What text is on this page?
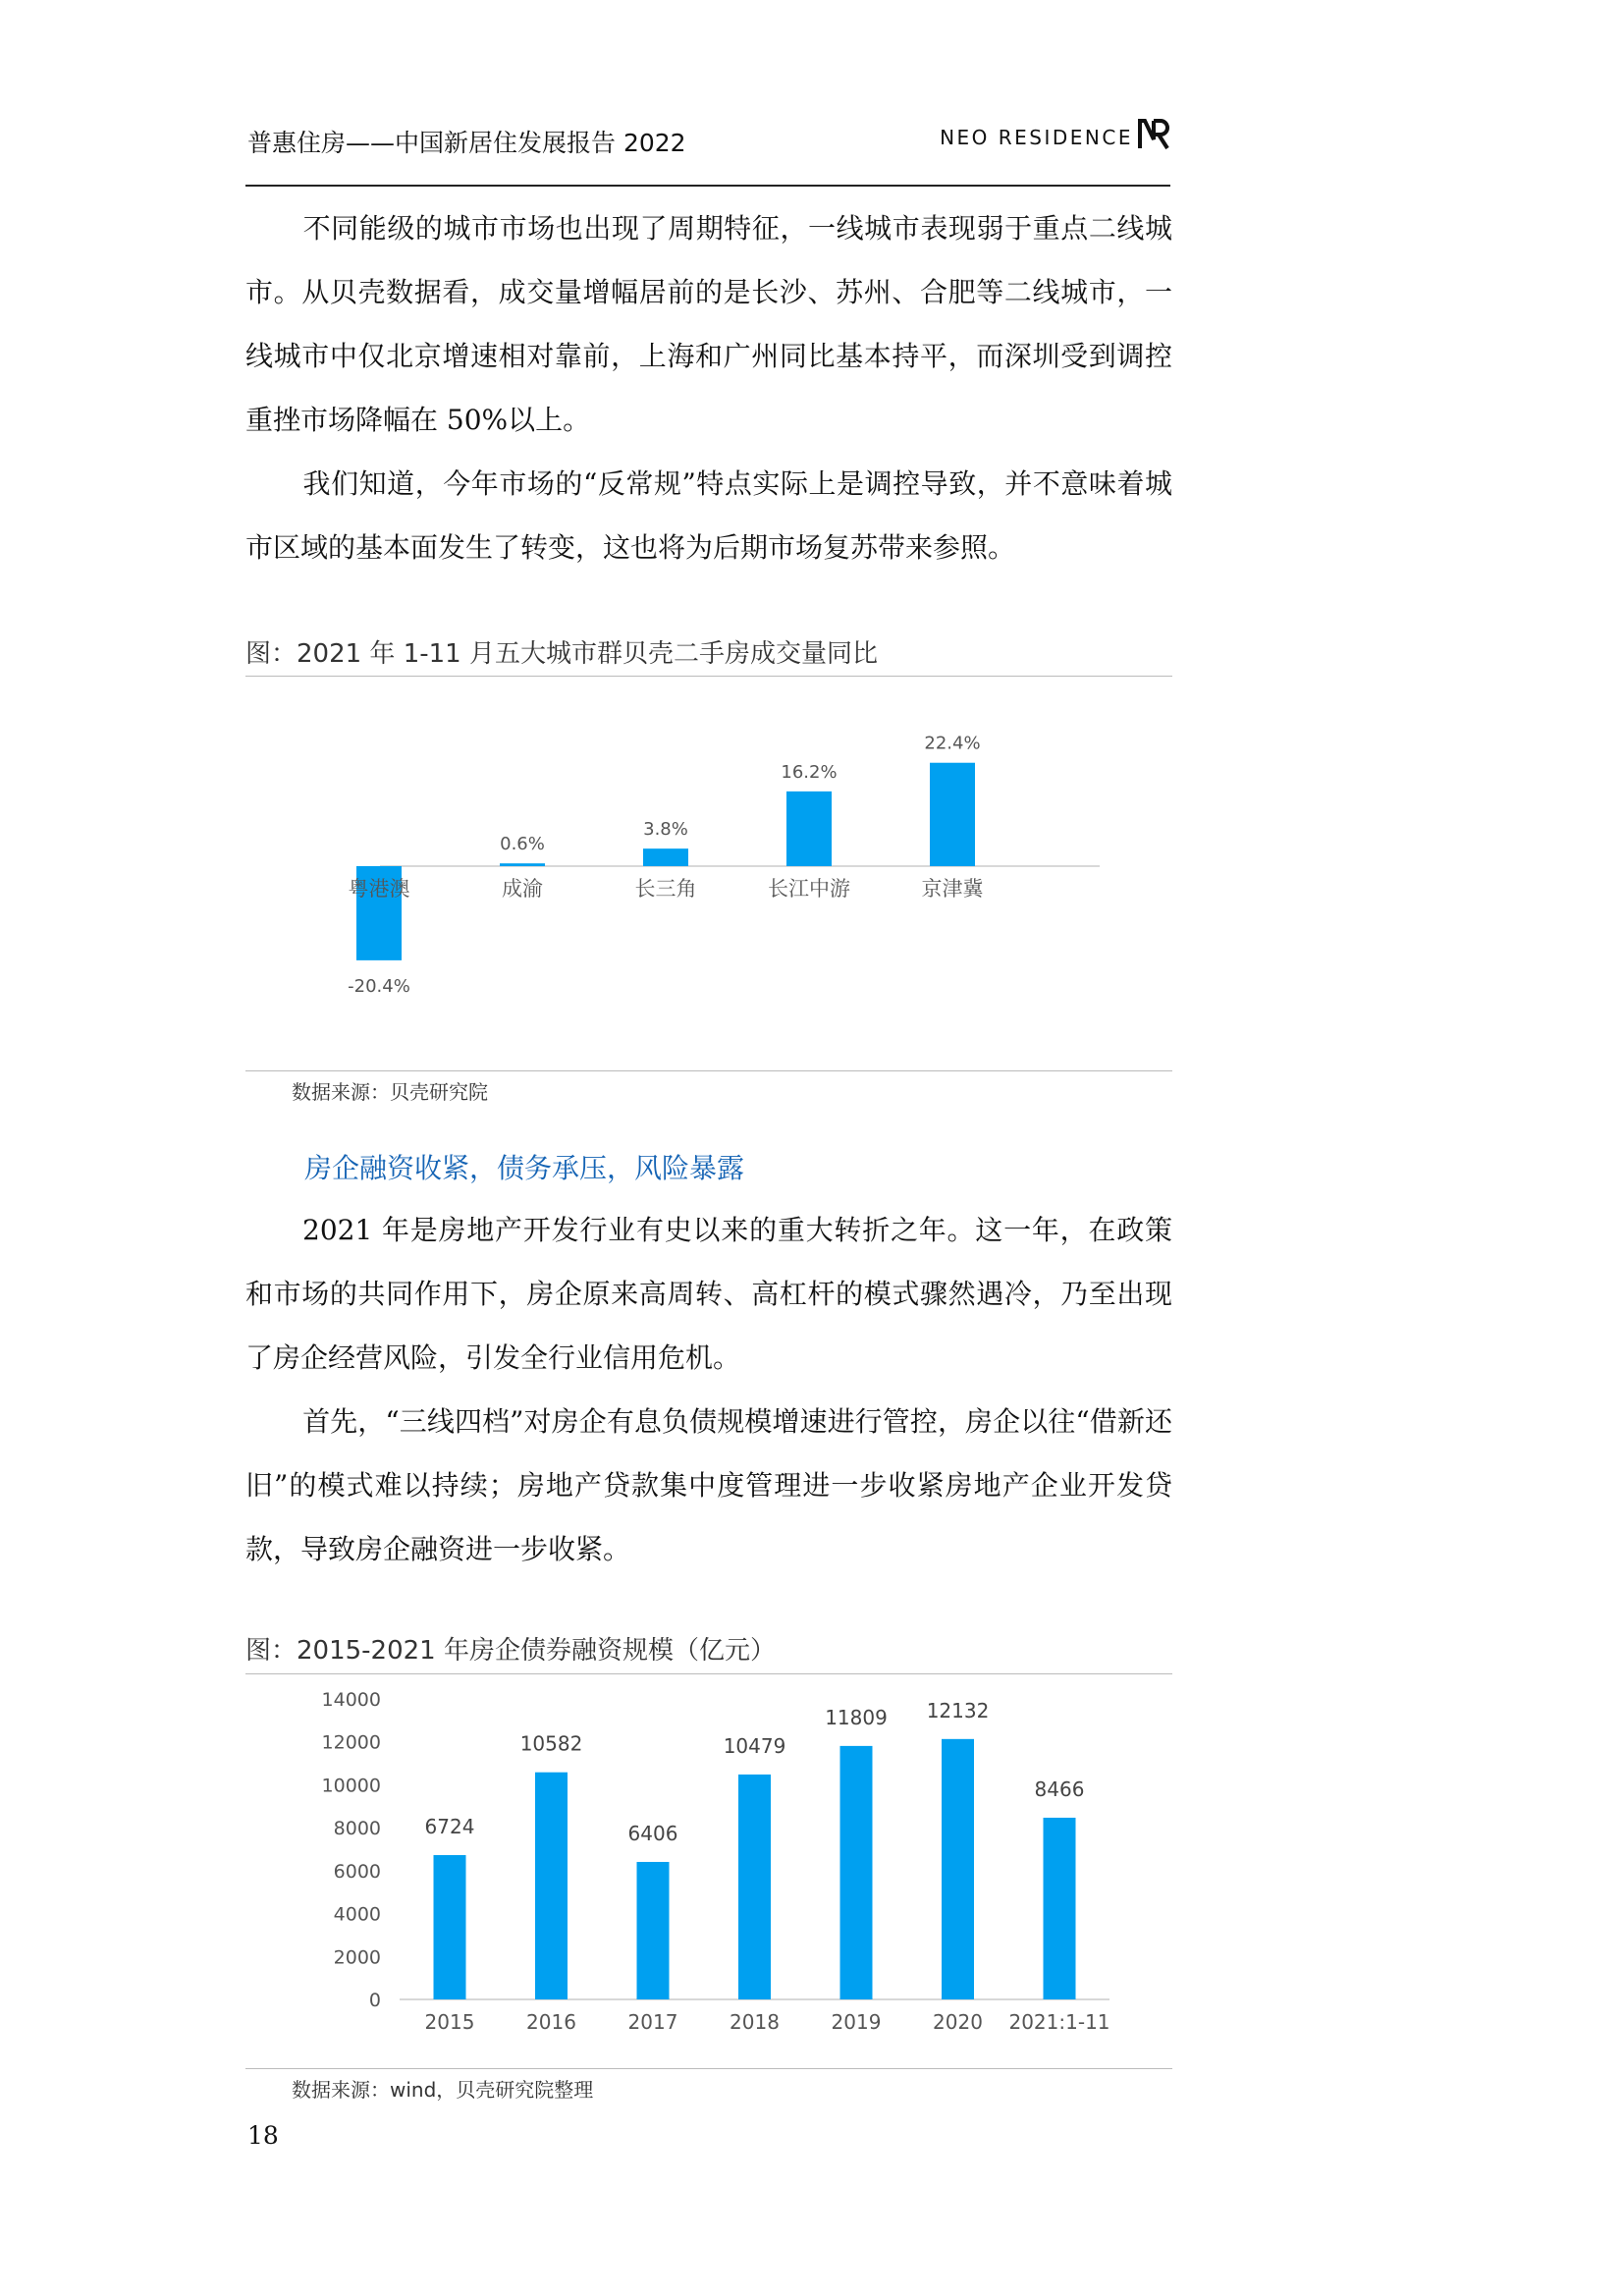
普惠住房——中国新居住发展报告 2022	NEO RESIDENCE
不同能级的城市市场也出现了周期特征，一线城市表现弱于重点二线城市。从贝壳数据看，成交量增幅居前的是长沙、苏州、合肥等二线城市，一线城市中仅北京增速相对靠前，上海和广州同比基本持平，而深圳受到调控重挫市场降幅在 50%以上。
我们知道，今年市场的“反常规”特点实际上是调控导致，并不意味着城市区域的基本面发生了转变，这也将为后期市场复苏带来参照。
图：2021 年 1-11 月五大城市群贝壳二手房成交量同比
-20.4%
粤港澳
0.6%
成渝
3.8%
长三角
16.2%
长江中游
22.4%
京津冀
数据来源：贝壳研究院
房企融资收紧，债务承压，风险暴露
2021 年是房地产开发行业有史以来的重大转折之年。这一年，在政策和市场的共同作用下，房企原来高周转、高杠杆的模式骤然遇冷，乃至出现了房企经营风险，引发全行业信用危机。
首先，“三线四档”对房企有息负债规模增速进行管控，房企以往“借新还旧”的模式难以持续；房地产贷款集中度管理进一步收紧房地产企业开发贷款，导致房企融资进一步收紧。
图：2015-2021 年房企债券融资规模（亿元）
0
2000
4000
6000
8000
10000
12000
14000
6724
2015
10582
2016
6406
2017
10479
2018
11809
2019
12132
2020
8466
2021:1-11
数据来源：wind，贝壳研究院整理
18
